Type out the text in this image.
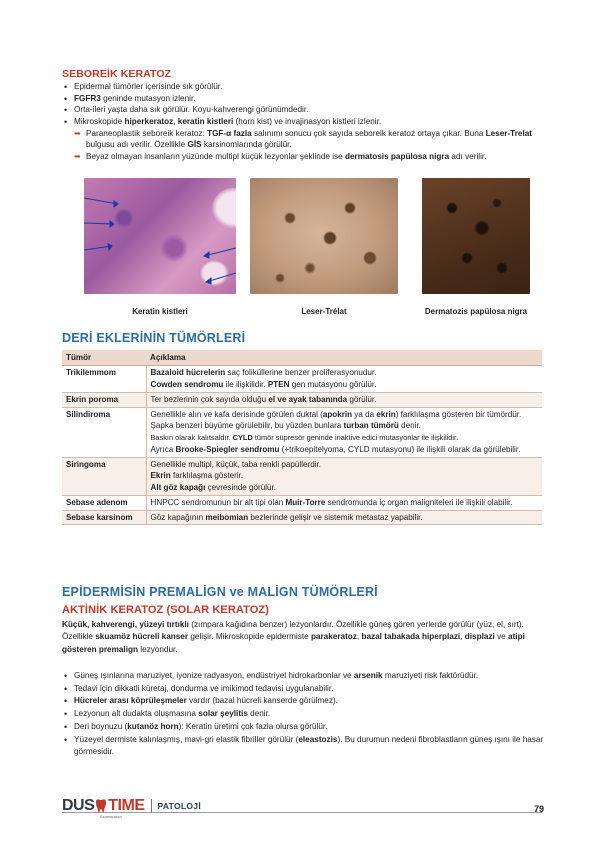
SEBOREİK KERATOZ
• Epidermal tümörler içerisinde sık görülür.
• FGFR3 geninde mutasyon izlenir.
• Orta-ileri yaşta daha sık görülür. Koyu-kahverengi görünümdedir.
• Mikroskopide hiperkeratoz, keratin kistleri (horn kist) ve invajinasyon kistleri izlenir.
➥ Paraneoplastik seboreik keratoz: TGF-α fazla salınımı sonucu çok sayıda seboreik keratoz ortaya çıkar. Buna Leser-Trelat bulgusu adı verilir. Özellikle GİS karsinomlarında görülür.
➥ Beyaz olmayan insanların yüzünde multipl küçük lezyonlar şeklinde ise dermatosis papülosa nigra adı verilir.
Keratin kistleri	Leser-Trélat	Dermatozis papülosa nigra
DERİ EKLERİNİN TÜMÖRLERİ
Tümör	Açıklama
Trikilemmom	Bazaloid hücrelerin saç foliküllerine benzer proliferasyonudur.
Cowden sendromu ile ilişkilidir. PTEN gen mutasyonu görülür.
Ekrin poroma	Ter bezlerinin çok sayıda olduğu el ve ayak tabanında görülür.
Silindiroma	Genellikle alın ve kafa derisinde görülen duktal (apokrin ya da ekrin) farklılaşma gösteren bir tümördür.
Şapka benzeri büyüme görülebilir, bu yüzden bunlara turban tümörü denir.
Baskın olarak kalıtsaldır. CYLD tümör süpresör geninde inaktive edici mutasyonlar ile ilişkilidir.
Ayrıca Brooke-Spiegler sendromu (+trikoepitelyoma, CYLD mutasyonu) ile ilişkili olarak da görülebilir.
Siringoma	Genellikle multipl, küçük, taba renkli papüllerdir.
Ekrin farklılaşma gösterir.
Alt göz kapağı çevresinde görülür.
Sebase adenom	HNPCC sendromunun bir alt tipi olan Muir-Torre sendromunda iç organ maligniteleri ile ilişkili olabilir.
Sebase karsinom	Göz kapağının meibomian bezlerinde gelişir ve sistemik metastaz yapabilir.
EPİDERMİSİN PREMALİGN ve MALİGN TÜMÖRLERİ
AKTİNİK KERATOZ (SOLAR KERATOZ)
Küçük, kahverengi, yüzeyi tırtıklı (zımpara kağıdına benzer) lezyonlardır. Özellikle güneş gören yerlerde görülür (yüz, el, sırt). Özellikle skuamöz hücreli kanser gelişir. Mikroskopide epidermiste parakeratoz, bazal tabakada hiperplazi, displazi ve atipi gösteren premalign lezyondur.
• Güneş ışınlarına maruziyet, iyonize radyasyon, endüstriyel hidrokarbonlar ve arsenik maruziyeti risk faktörüdür.
• Tedavi için dikkatli küretaj, dondurma ve imikimod tedavisi uygulanabilir.
• Hücreler arası köprüleşmeler vardır (bazal hücreli kanserde görülmez).
• Lezyonun alt dudakta oluşmasına solar şeylitis denir.
• Deri boynuzu (kutanöz horn): Keratin üretimi çok fazla olursa görülür.
• Yüzeyel dermiste kalınlaşmış, mavi-gri elastik fibriller görülür (eleastozis). Bu durumun nedeni fibroblastların güneş ışını ile hasar görmesidir.
DUS TIME
Kazanacaksın
PATOLOJİ	79
